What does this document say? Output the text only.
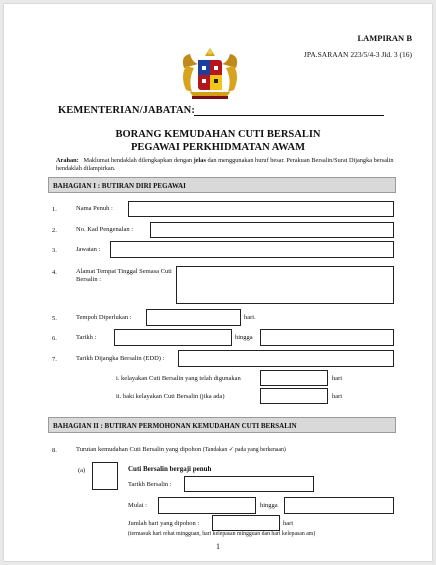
LAMPIRAN B
JPA.SARAAN 223/5/4-3 Jld. 3 (16)
KEMENTERIAN/JABATAN:
BORANG KEMUDAHAN CUTI BERSALIN
PEGAWAI PERKHIDMATAN AWAM
Arahan: Maklumat hendaklah dilengkapkan dengan jelas dan menggunakan huruf besar. Perakuan Bersalin/Surat Dijangka bersalin hendaklah dilampirkan.
BAHAGIAN I : BUTIRAN DIRI PEGAWAI
1.	Nama Penuh :
2.	No. Kad Pengenalan :
3.	Jawatan :
4.	Alamat Tempat Tinggal Semasa Cuti Bersalin :
5.	Tempoh Diperlukan :	hari.
6.	Tarikh :	hingga
7.	Tarikh Dijangka Bersalin (EDD) :
i. kelayakan Cuti Bersalin yang telah digunakan	hari
ii. baki kelayakan Cuti Bersalin (jika ada)	hari
BAHAGIAN II : BUTIRAN PERMOHONAN KEMUDAHAN CUTI BERSALIN
8.	Turutan kemudahan Cuti Bersalin yang dipohon (Tandakan ✓ pada yang berkenaan)
(a)	Cuti Bersalin bergaji penuh
Tarikh Bersalin :
Mulai :	hingga
Jumlah hari yang dipohon :	hari
(termasuk hari rehat mingguan, hari kelepasan mingguan dan hari kelepasan am)
1
